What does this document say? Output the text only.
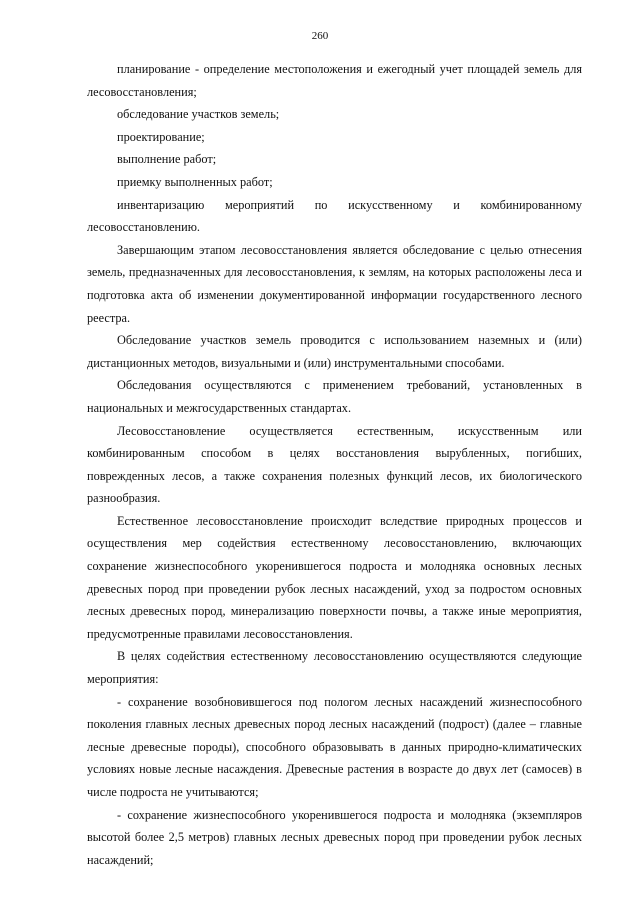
260

планирование - определение местоположения и ежегодный учет площадей земель для лесовосстановления;

обследование участков земель;

проектирование;

выполнение работ;

приемку выполненных работ;

инвентаризацию мероприятий по искусственному и комбинированному лесовосстановлению.

Завершающим этапом лесовосстановления является обследование с целью отнесения земель, предназначенных для лесовосстановления, к землям, на которых расположены леса и подготовка акта об изменении документированной информации государственного лесного реестра.

Обследование участков земель проводится с использованием наземных и (или) дистанционных методов, визуальными и (или) инструментальными способами.

Обследования осуществляются с применением требований, установленных в национальных и межгосударственных стандартах.

Лесовосстановление осуществляется естественным, искусственным или комбинированным способом в целях восстановления вырубленных, погибших, поврежденных лесов, а также сохранения полезных функций лесов, их биологического разнообразия.

Естественное лесовосстановление происходит вследствие природных процессов и осуществления мер содействия естественному лесовосстановлению, включающих сохранение жизнеспособного укоренившегося подроста и молодняка основных лесных древесных пород при проведении рубок лесных насаждений, уход за подростом основных лесных древесных пород, минерализацию поверхности почвы, а также иные мероприятия, предусмотренные правилами лесовосстановления.

В целях содействия естественному лесовосстановлению осуществляются следующие мероприятия:

- сохранение возобновившегося под пологом лесных насаждений жизнеспособного поколения главных лесных древесных пород лесных насаждений (подрост) (далее – главные лесные древесные породы), способного образовывать в данных природно-климатических условиях новые лесные насаждения. Древесные растения в возрасте до двух лет (самосев) в числе подроста не учитываются;

- сохранение жизнеспособного укоренившегося подроста и молодняка (экземпляров высотой более 2,5 метров) главных лесных древесных пород при проведении рубок лесных насаждений;
